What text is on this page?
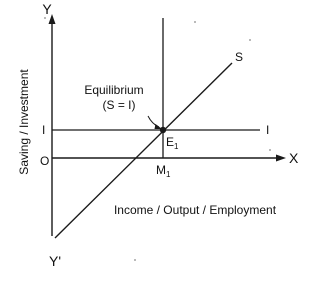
Y
X
O
Y'
I	I
S
Equilibrium
(S = I)
$E_1$
$M_1$
Income / Output / Employment
Saving / Investment
